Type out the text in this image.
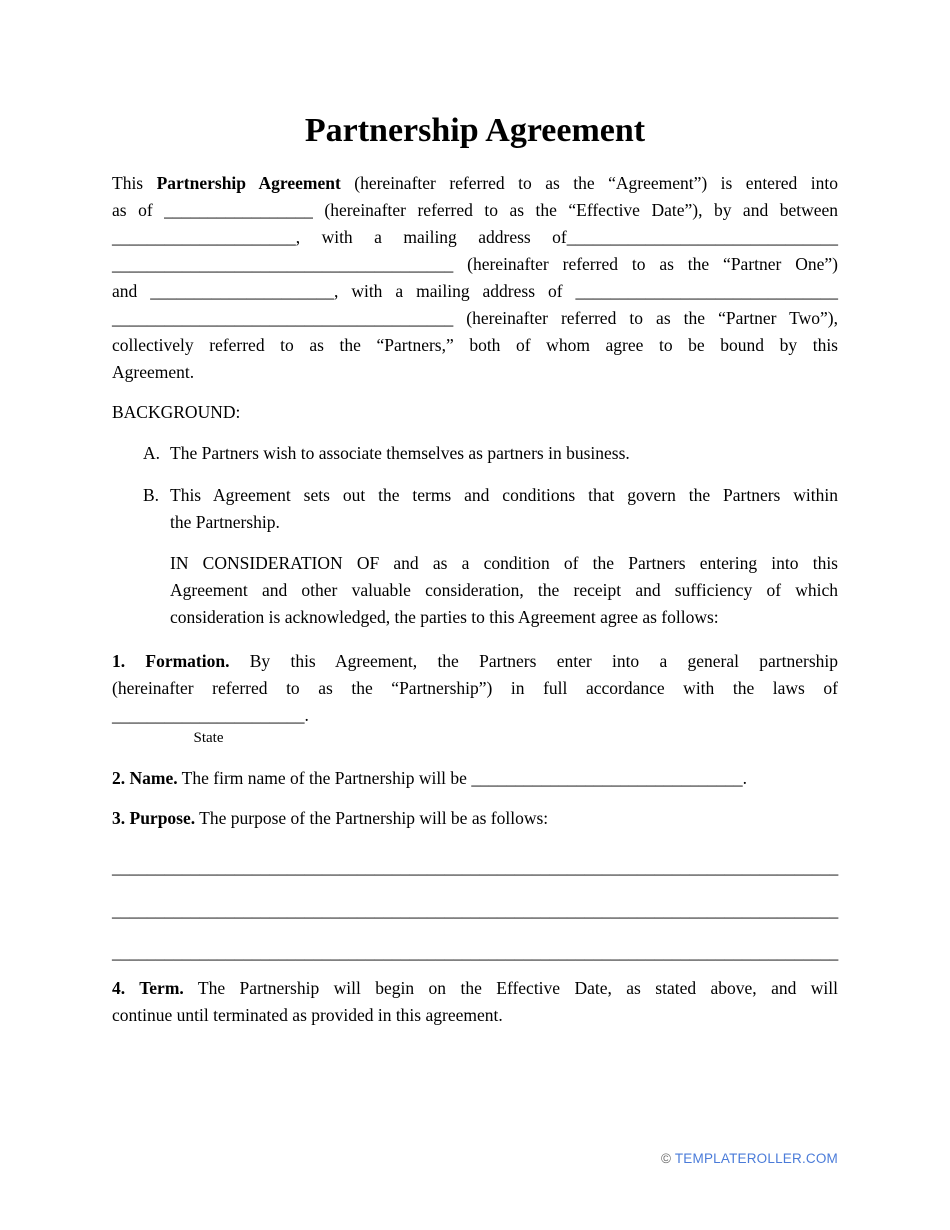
Partnership Agreement
This Partnership Agreement (hereinafter referred to as the “Agreement”) is entered into
as of _________________ (hereinafter referred to as the “Effective Date”), by and between
_____________________, with a mailing address of_______________________________
_______________________________________ (hereinafter referred to as the “Partner One”)
and _____________________, with a mailing address of ______________________________
_______________________________________ (hereinafter referred to as the “Partner Two”),
collectively referred to as the “Partners,” both of whom agree to be bound by this
Agreement.
BACKGROUND:
A. The Partners wish to associate themselves as partners in business.
B. This Agreement sets out the terms and conditions that govern the Partners within
the Partnership.
IN CONSIDERATION OF and as a condition of the Partners entering into this
Agreement and other valuable consideration, the receipt and sufficiency of which
consideration is acknowledged, the parties to this Agreement agree as follows:
1. Formation. By this Agreement, the Partners enter into a general partnership
(hereinafter referred to as the “Partnership”) in full accordance with the laws of
______________________.
State
2. Name. The firm name of the Partnership will be _______________________________.
3. Purpose. The purpose of the Partnership will be as follows:
___________________________________________________________________________________
___________________________________________________________________________________
___________________________________________________________________________________
4. Term. The Partnership will begin on the Effective Date, as stated above, and will
continue until terminated as provided in this agreement.
© TEMPLATEROLLER.COM
